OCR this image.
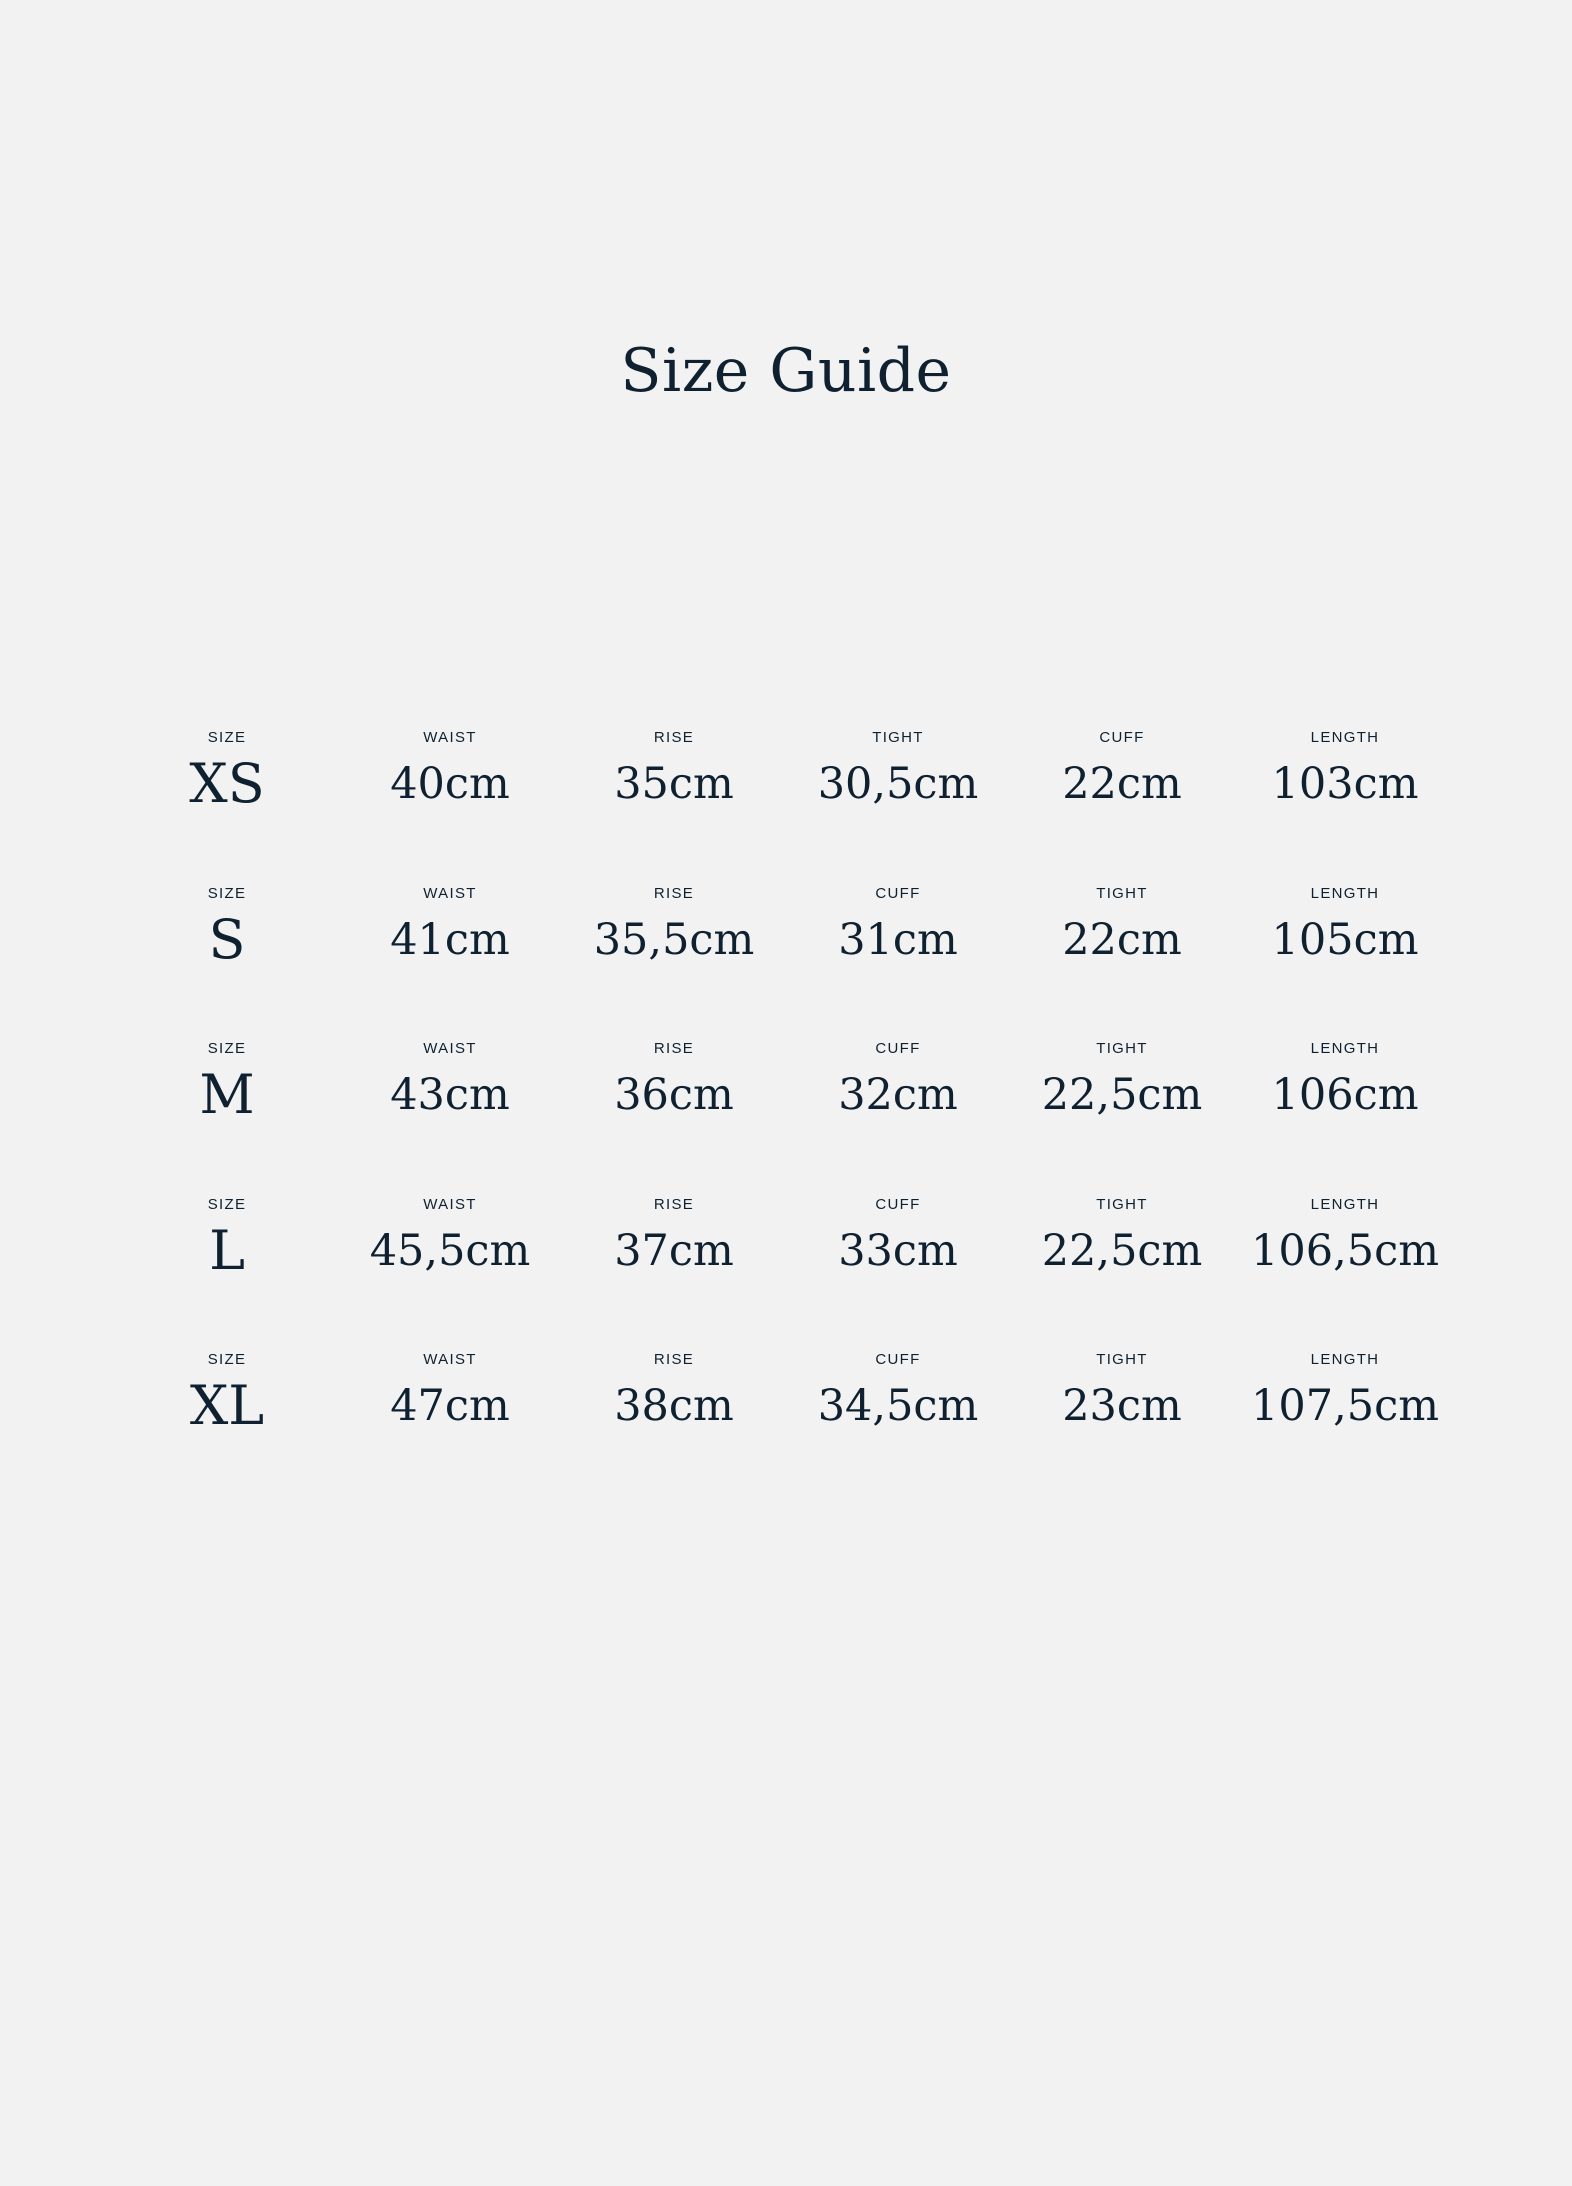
Size Guide
SIZE
XS
WAIST
40cm
RISE
35cm
TIGHT
30,5cm
CUFF
22cm
LENGTH
103cm
SIZE
S
WAIST
41cm
RISE
35,5cm
CUFF
31cm
TIGHT
22cm
LENGTH
105cm
SIZE
M
WAIST
43cm
RISE
36cm
CUFF
32cm
TIGHT
22,5cm
LENGTH
106cm
SIZE
L
WAIST
45,5cm
RISE
37cm
CUFF
33cm
TIGHT
22,5cm
LENGTH
106,5cm
SIZE
XL
WAIST
47cm
RISE
38cm
CUFF
34,5cm
TIGHT
23cm
LENGTH
107,5cm
